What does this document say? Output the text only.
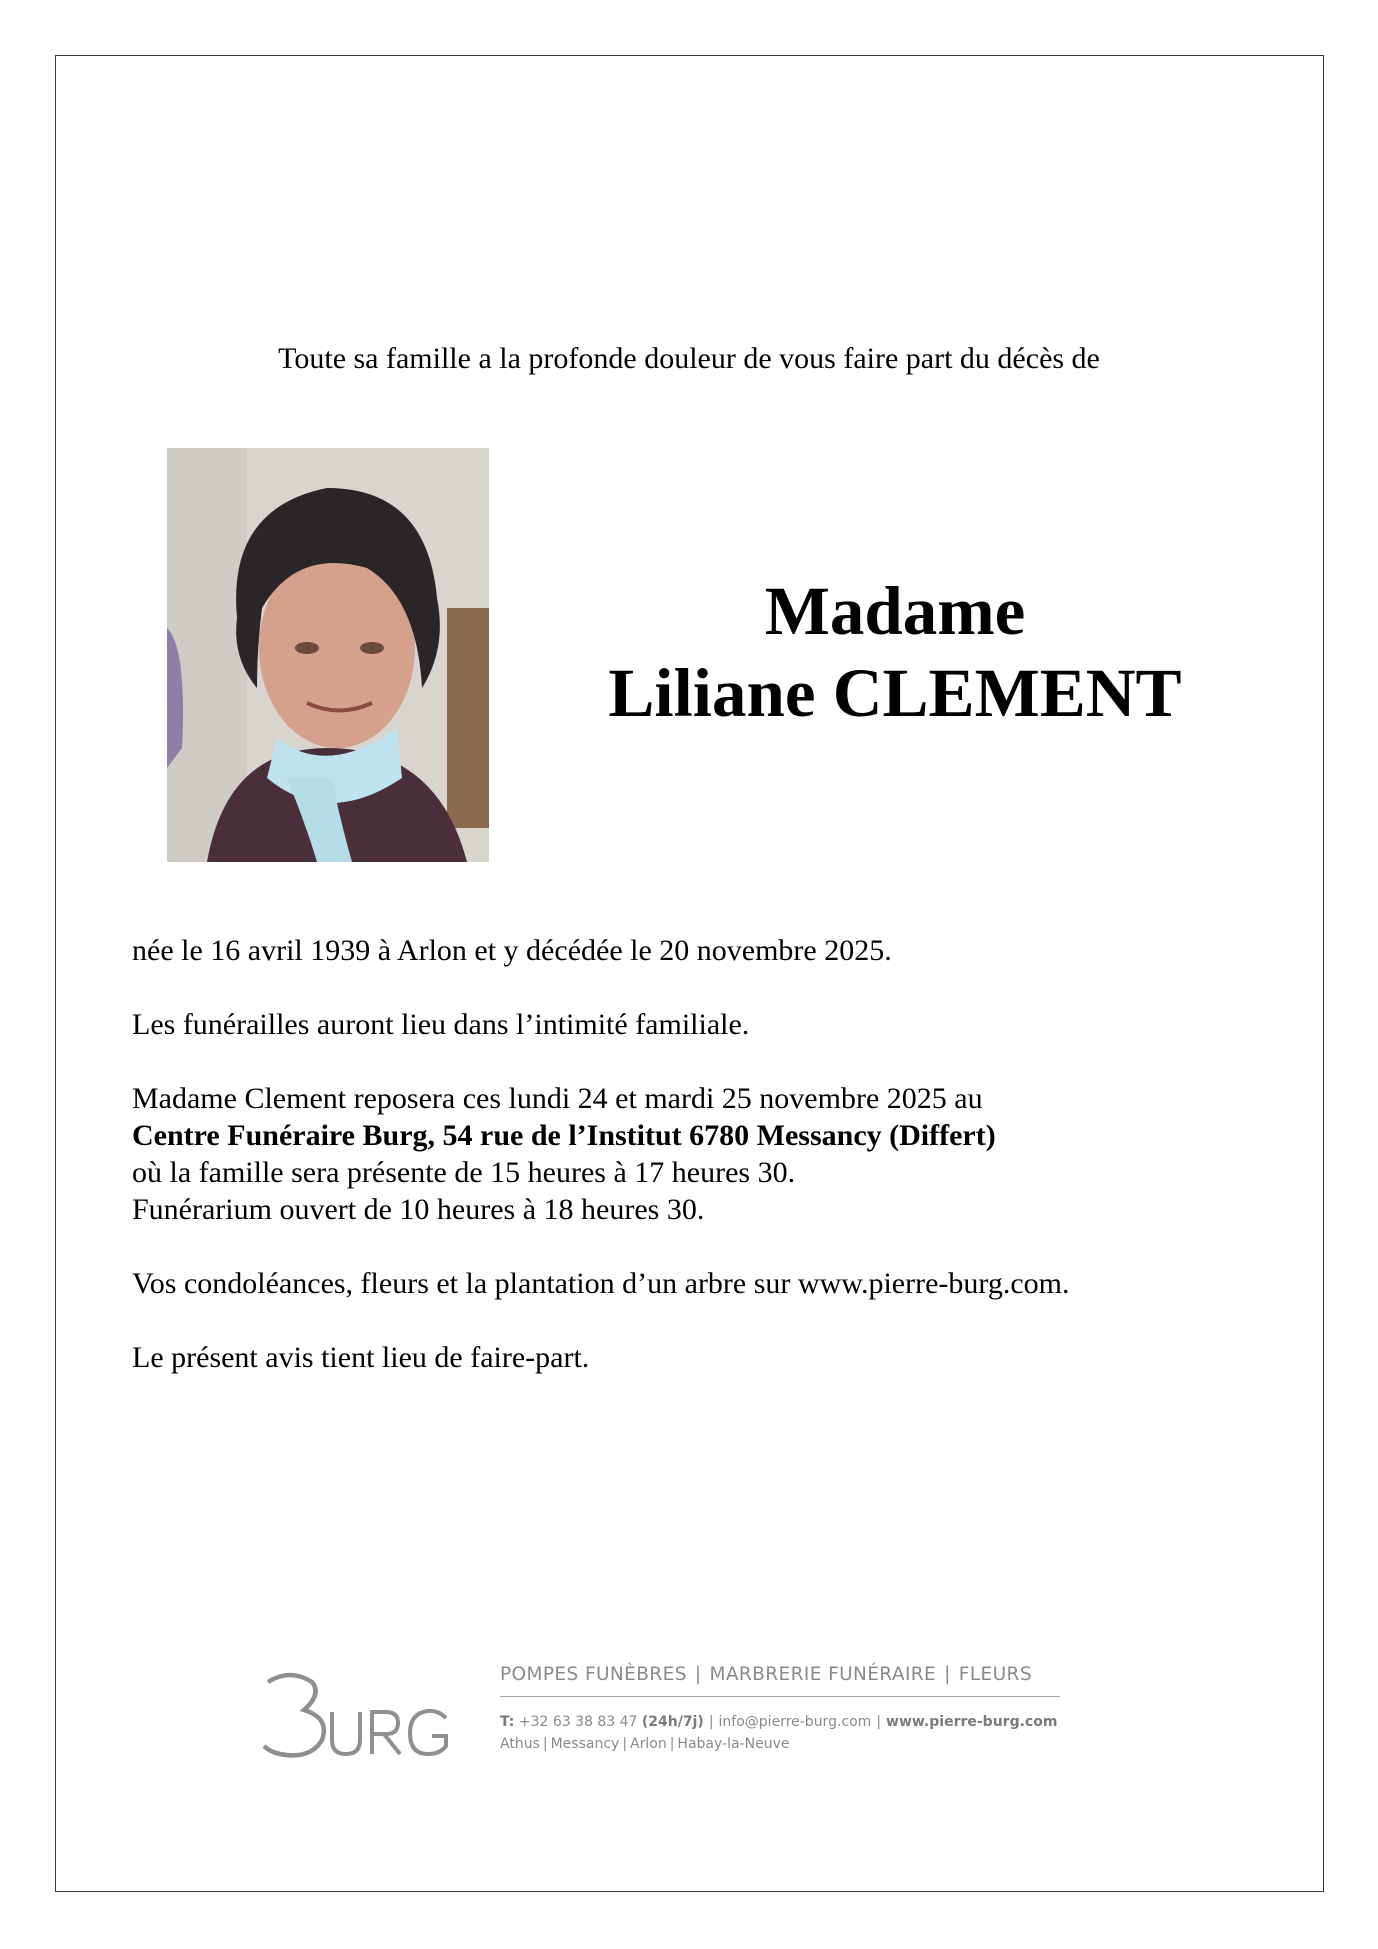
Toute sa famille a la profonde douleur de vous faire part du décès de
Madame
Liliane CLEMENT

née le 16 avril 1939 à Arlon et y décédée le 20 novembre 2025.

Les funérailles auront lieu dans l’intimité familiale.

Madame Clement reposera ces lundi 24 et mardi 25 novembre 2025 au
Centre Funéraire Burg, 54 rue de l’Institut 6780 Messancy (Differt)
où la famille sera présente de 15 heures à 17 heures 30.
Funérarium ouvert de 10 heures à 18 heures 30.

Vos condoléances, fleurs et la plantation d’un arbre sur www.pierre-burg.com.

Le présent avis tient lieu de faire-part.

POMPES FUNÈBRES | MARBRERIE FUNÉRAIRE | FLEURS
T: +32 63 38 83 47 (24h/7j) | info@pierre-burg.com | www.pierre-burg.com
Athus | Messancy | Arlon | Habay-la-Neuve
